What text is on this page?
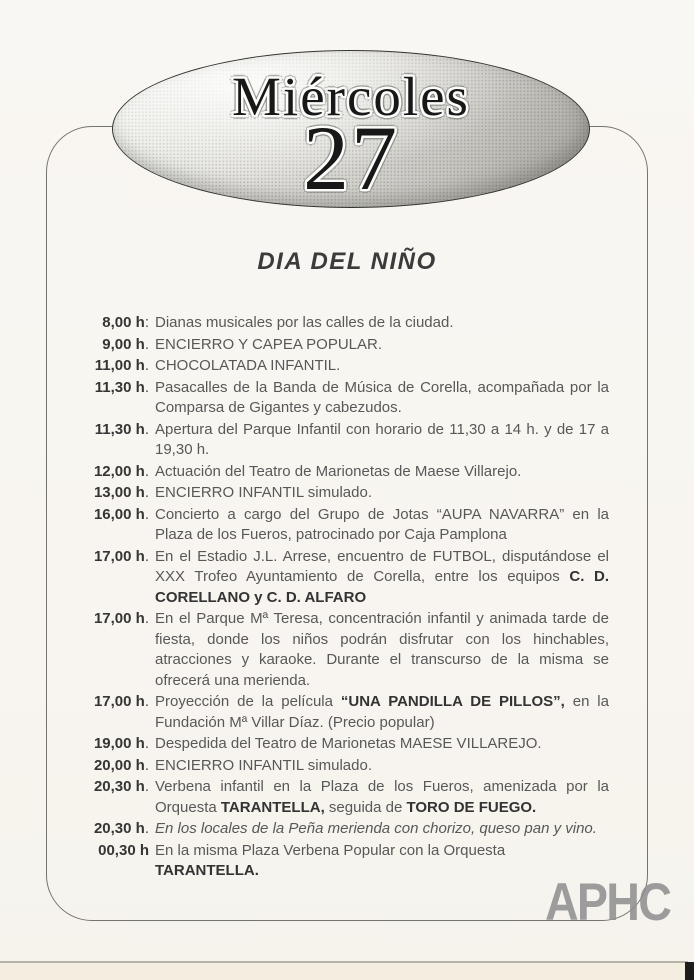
Miércoles
27
DIA DEL NIÑO
8,00 h: Dianas musicales por las calles de la ciudad.
9,00 h. ENCIERRO Y CAPEA POPULAR.
11,00 h. CHOCOLATADA INFANTIL.
11,30 h. Pasacalles de la Banda de Música de Corella, acompañada por la Comparsa de Gigantes y cabezudos.
11,30 h. Apertura del Parque Infantil con horario de 11,30 a 14 h. y de 17 a 19,30 h.
12,00 h. Actuación del Teatro de Marionetas de Maese Villarejo.
13,00 h. ENCIERRO INFANTIL simulado.
16,00 h. Concierto a cargo del Grupo de Jotas “AUPA NAVARRA” en la Plaza de los Fueros, patrocinado por Caja Pamplona
17,00 h. En el Estadio J.L. Arrese, encuentro de FUTBOL, disputándose el XXX Trofeo Ayuntamiento de Corella, entre los equipos C. D. CORELLANO y C. D. ALFARO
17,00 h. En el Parque Mª Teresa, concentración infantil y animada tarde de fiesta, donde los niños podrán disfrutar con los hinchables, atracciones y karaoke. Durante el transcurso de la misma se ofrecerá una merienda.
17,00 h. Proyección de la película “UNA PANDILLA DE PILLOS”, en la Fundación Mª Villar Díaz. (Precio popular)
19,00 h. Despedida del Teatro de Marionetas MAESE VILLAREJO.
20,00 h. ENCIERRO INFANTIL simulado.
20,30 h. Verbena infantil en la Plaza de los Fueros, amenizada por la Orquesta TARANTELLA, seguida de TORO DE FUEGO.
20,30 h. En los locales de la Peña merienda con chorizo, queso pan y vino.
00,30 h En la misma Plaza Verbena Popular con la Orquesta
TARANTELLA.
APHC
